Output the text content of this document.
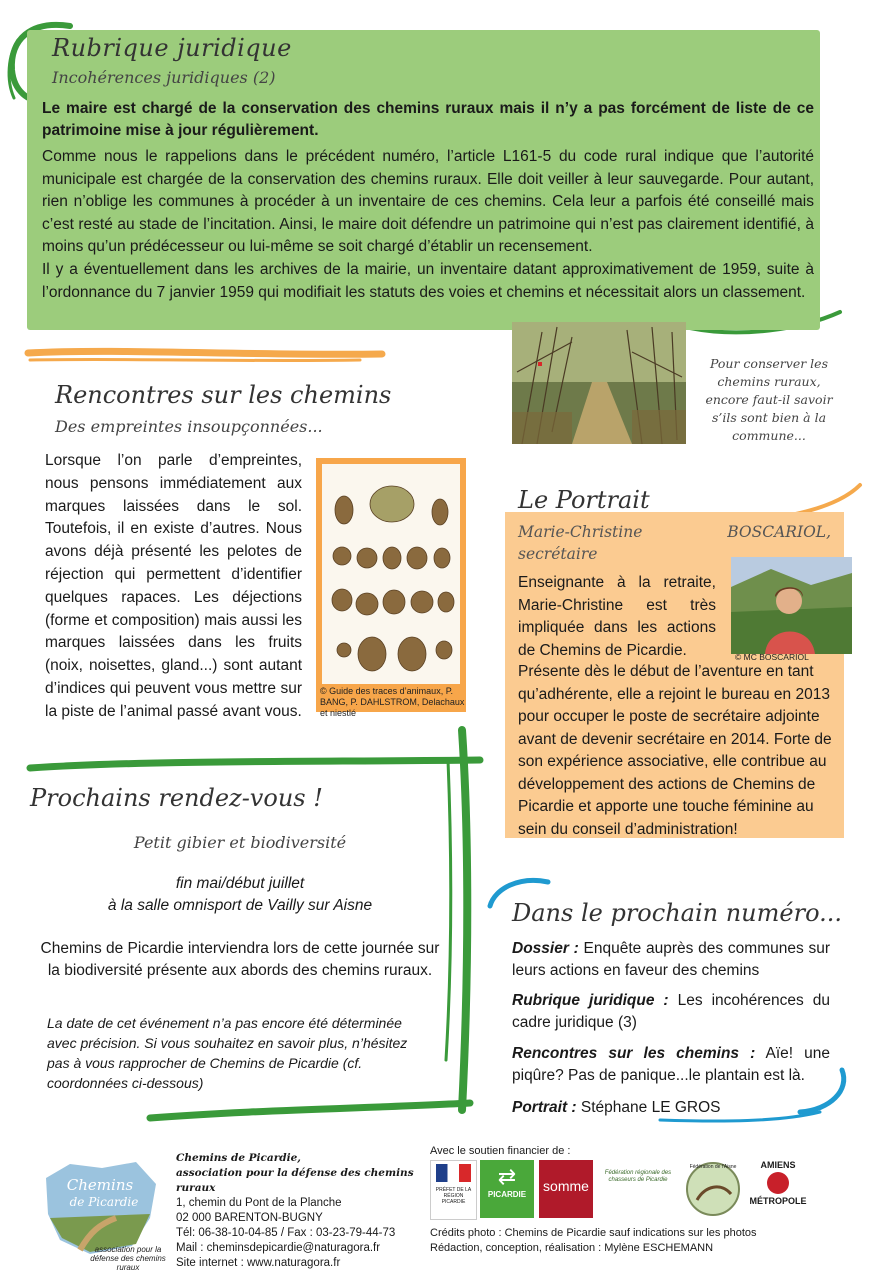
Rubrique juridique
Incohérences juridiques (2)
Le maire est chargé de la conservation des chemins ruraux mais il n’y a pas forcément de liste de ce patrimoine mise à jour régulièrement.

Comme nous le rappelions dans le précédent numéro, l’article L161-5 du code rural indique que l’autorité municipale est chargée de la conservation des chemins ruraux. Elle doit veiller à leur sauvegarde. Pour autant, rien n’oblige les communes à procéder à un inventaire de ces chemins. Cela leur a parfois été conseillé mais c’est resté au stade de l’incitation. Ainsi, le maire doit défendre un patrimoine qui n’est pas clairement identifié, à moins qu’un prédécesseur ou lui-même se soit chargé d’établir un recensement.

Il y a éventuellement dans les archives de la mairie, un inventaire datant approximativement de 1959, suite à l’ordonnance du 7 janvier 1959 qui modifiait les statuts des voies et chemins et nécessitait alors un classement.

Pour conserver les chemins ruraux, encore faut-il savoir s’ils sont bien à la commune...
Rencontres sur les chemins
Des empreintes insoupçonnées...

Lorsque l’on parle d’empreintes, nous pensons immédiatement aux marques laissées dans le sol. Toutefois, il en existe d’autres. Nous avons déjà présenté les pelotes de réjection qui permettent d’identifier quelques rapaces. Les déjections (forme et composition) mais aussi les marques laissées dans les fruits (noix, noisettes, gland...) sont autant d’indices qui peuvent vous mettre sur la piste de l’animal passé avant vous.

© Guide des traces d’animaux, P. BANG, P. DAHLSTROM, Delachaux et niestlé
Le Portrait
Marie-Christine	BOSCARIOL,
secrétaire

Enseignante à la retraite, Marie-Christine est très impliquée dans les actions de Chemins de Picardie.	© MC BOSCARIOL

Présente dès le début de l’aventure en tant qu’adhérente, elle a rejoint le bureau en 2013 pour occuper le poste de secrétaire adjointe avant de devenir secrétaire en 2014. Forte de son expérience associative, elle contribue au développement des actions de Chemins de Picardie et apporte une touche féminine au sein du conseil d’administration!

Prochains rendez-vous !
Petit gibier et biodiversité
fin mai/début juillet
à la salle omnisport de Vailly sur Aisne

Chemins de Picardie interviendra lors de cette journée sur la biodiversité présente aux abords des chemins ruraux.

La date de cet événement n’a pas encore été déterminée avec précision. Si vous souhaitez en savoir plus, n’hésitez pas à vous rapprocher de Chemins de Picardie (cf. coordonnées ci-dessous)

Dans le prochain numéro...

Dossier : Enquête auprès des communes sur leurs actions en faveur des chemins

Rubrique juridique : Les incohérences du cadre juridique (3)

Rencontres sur les chemins : Aïe! une piqûre? Pas de panique...le plantain est là.

Portrait : Stéphane LE GROS

Chemins
de Picardie
association pour la défense des chemins ruraux
Chemins de Picardie,
association pour la défense des chemins ruraux
1, chemin du Pont de la Planche
02 000 BARENTON-BUGNY
Tél: 06-38-10-04-85 / Fax : 03-23-79-44-73
Mail : cheminsdepicardie@naturagora.fr
Site internet : www.naturagora.fr
Avec le soutien financier de :
PRÉFET DE LA RÉGION PICARDIE
⇄
PICARDIE
somme
Fédération régionale des chasseurs de Picardie
Fédération de l'Aisne	AMIENS
MÉTROPOLE
Crédits photo : Chemins de Picardie sauf indications sur les photos
Rédaction, conception, réalisation : Mylène ESCHEMANN
